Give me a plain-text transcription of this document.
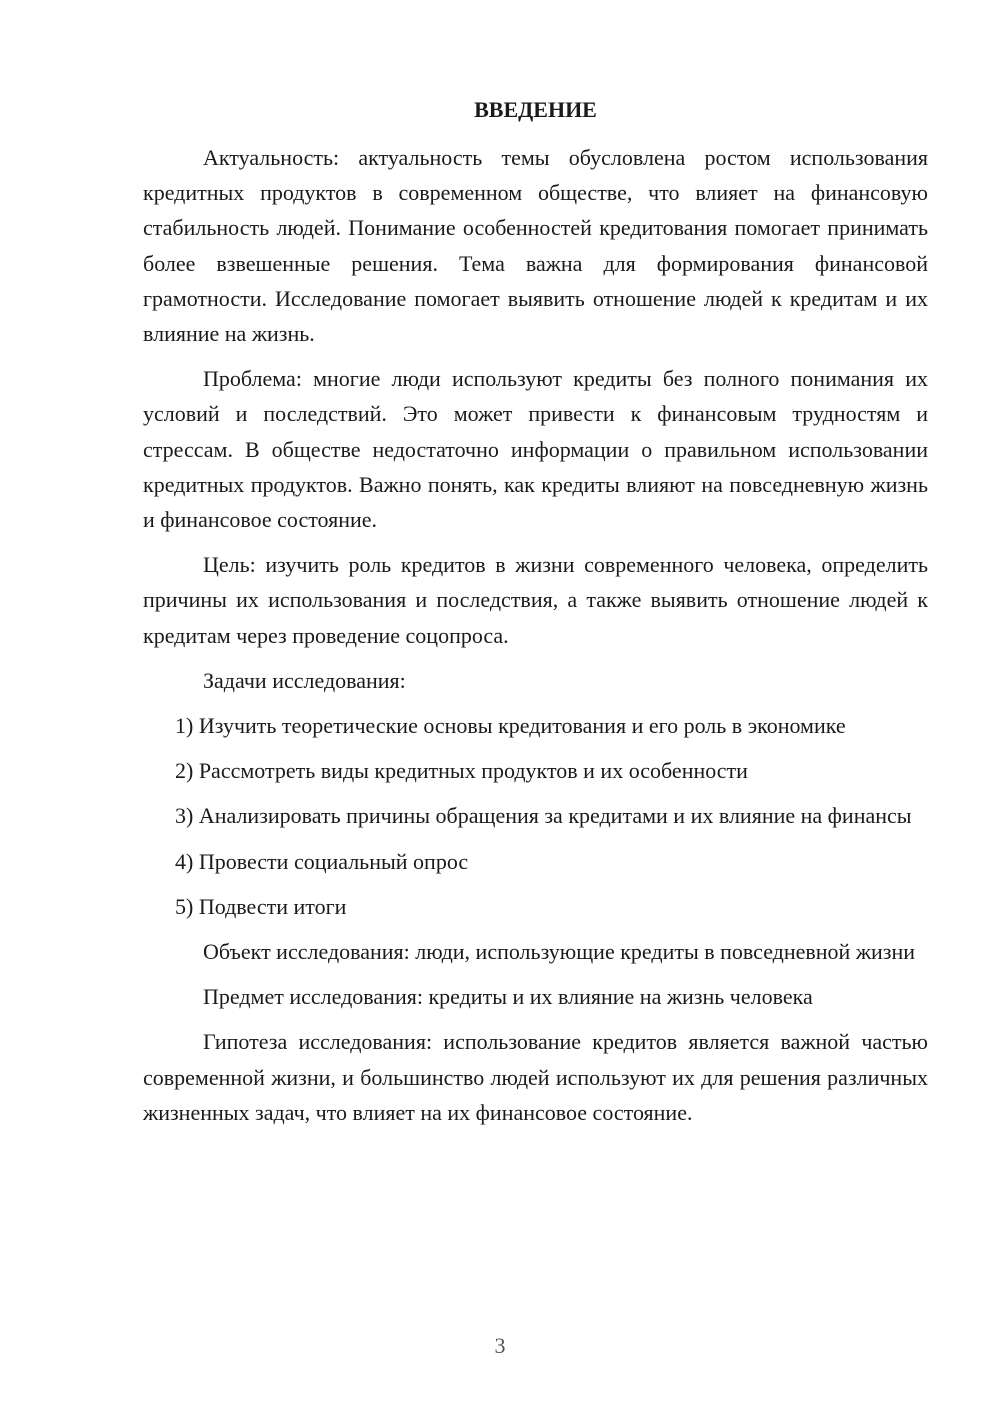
ВВЕДЕНИЕ

Актуальность: актуальность темы обусловлена ростом использования кредитных продуктов в современном обществе, что влияет на финансовую стабильность людей. Понимание особенностей кредитования помогает принимать более взвешенные решения. Тема важна для формирования финансовой грамотности. Исследование помогает выявить отношение людей к кредитам и их влияние на жизнь.

Проблема: многие люди используют кредиты без полного понимания их условий и последствий. Это может привести к финансовым трудностям и стрессам. В обществе недостаточно информации о правильном использовании кредитных продуктов. Важно понять, как кредиты влияют на повседневную жизнь и финансовое состояние.

Цель: изучить роль кредитов в жизни современного человека, определить причины их использования и последствия, а также выявить отношение людей к кредитам через проведение соцопроса.

Задачи исследования:

1) Изучить теоретические основы кредитования и его роль в экономике

2) Рассмотреть виды кредитных продуктов и их особенности

3) Анализировать причины обращения за кредитами и их влияние на финансы

4) Провести социальный опрос

5) Подвести итоги

Объект исследования: люди, использующие кредиты в повседневной жизни

Предмет исследования: кредиты и их влияние на жизнь человека

Гипотеза исследования: использование кредитов является важной частью современной жизни, и большинство людей используют их для решения различных жизненных задач, что влияет на их финансовое состояние.

3
